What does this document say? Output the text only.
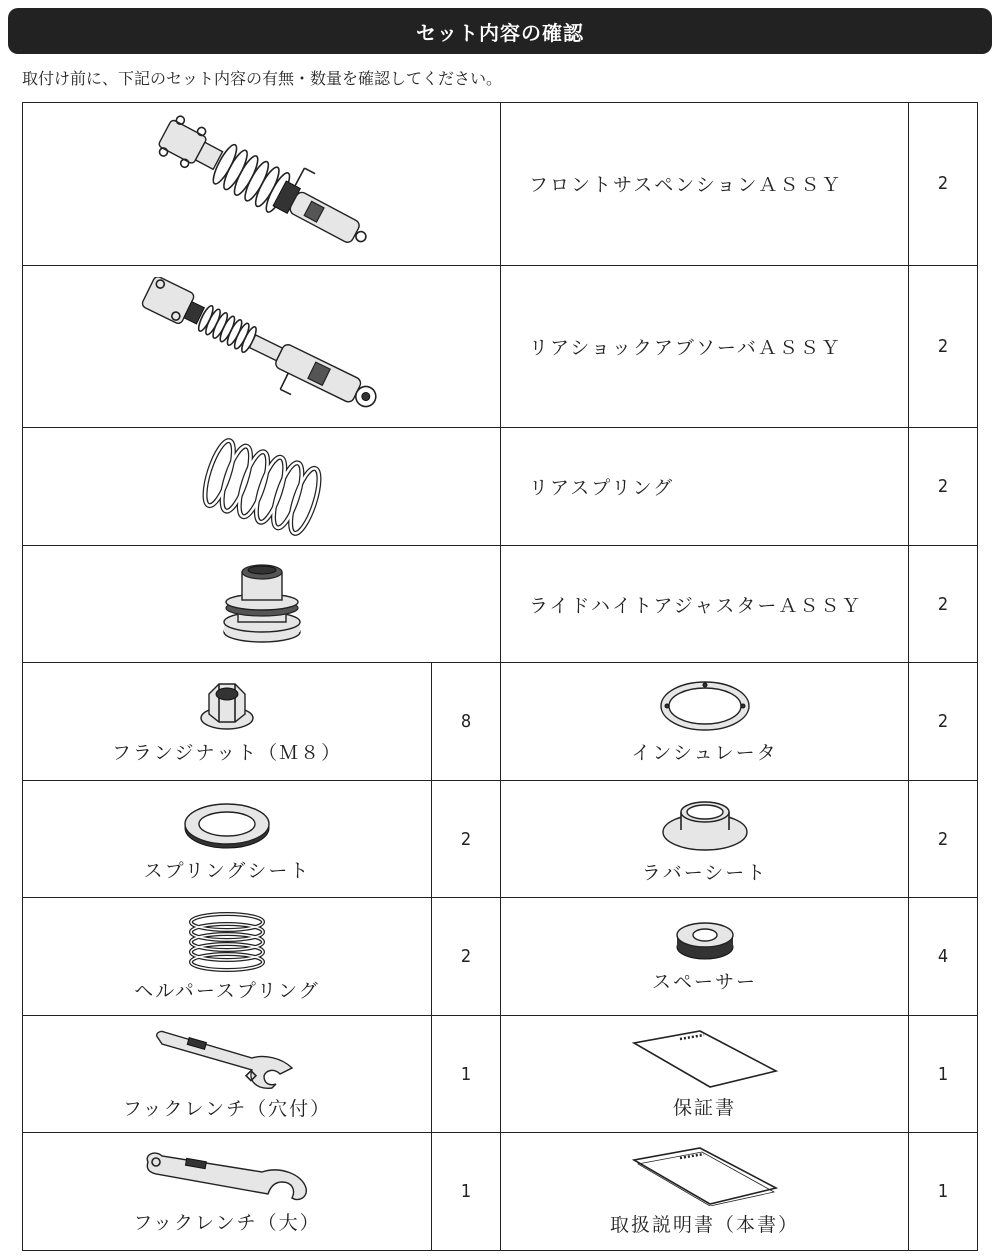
セット内容の確認
取付け前に、下記のセット内容の有無・数量を確認してください。
	フロントサスペンションＡＳＳＹ	2

	リアショックアブソーバＡＳＳＹ	2

	リアスプリング	2

	ライドハイトアジャスターＡＳＳＹ	2

フランジナット（Ｍ８）	8	インシュレータ	2

スプリングシート	2	ラバーシート	2

ヘルパースプリング	2	スペーサー	4

フックレンチ（穴付）	1	保証書	1

フックレンチ（大）	1	取扱説明書（本書）	1
